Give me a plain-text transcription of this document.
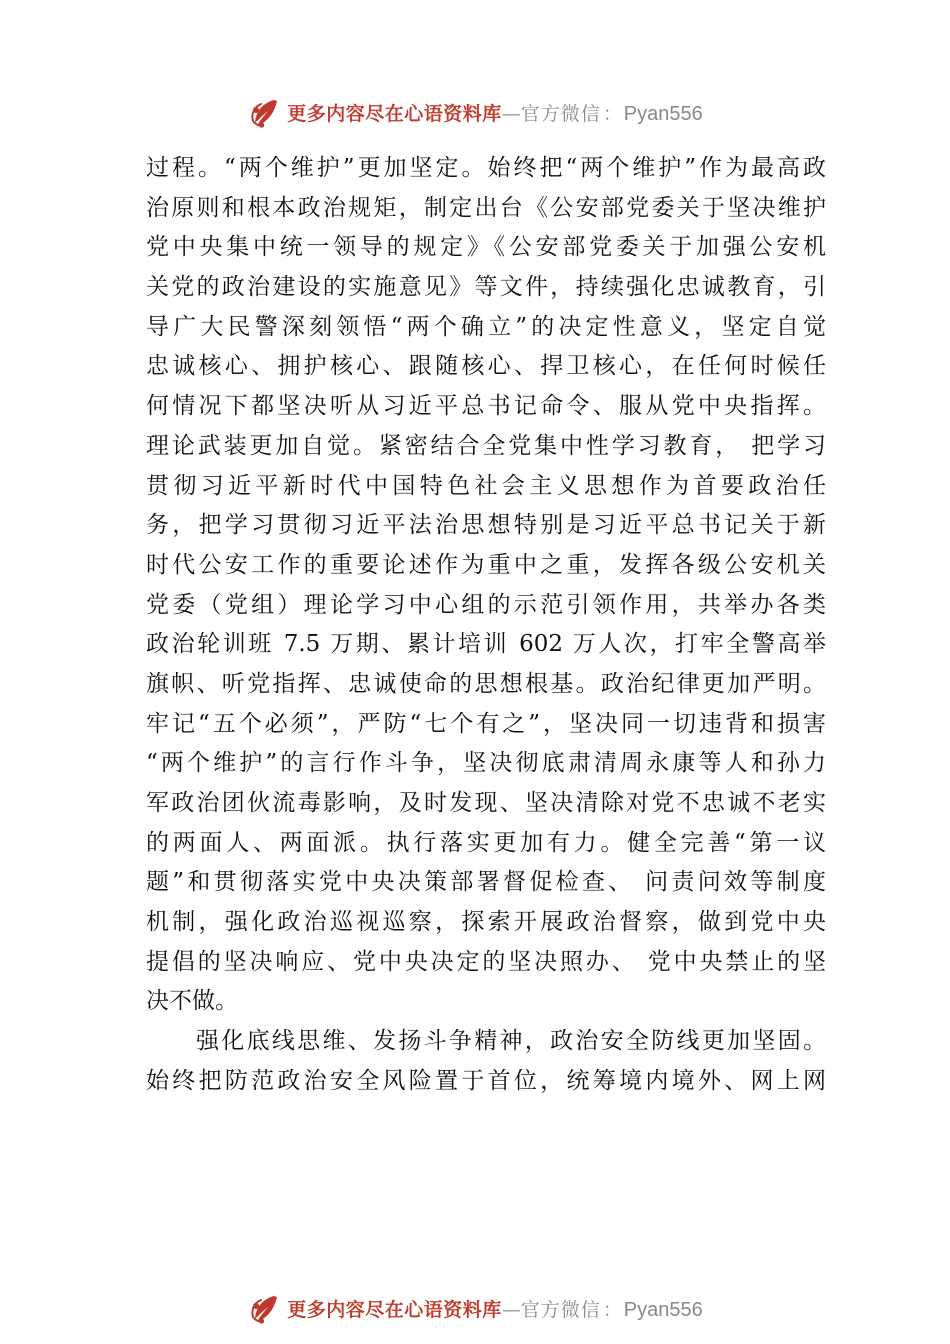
更多内容尽在心语资料库 — 官方微信 ： Pyan556
过程。“两个维护”更加坚定。始终把“两个维护”作为最高政
治原则和根本政治规矩，制定出台《公安部党委关于坚决维护
党中央集中统一领导的规定》《公安部党委关于加强公安机
关党的政治建设的实施意见》等文件，持续强化忠诚教育，引
导广大民警深刻领悟“两个确立”的决定性意义，坚定自觉
忠诚核心、拥护核心、跟随核心、捍卫核心，在任何时候任
何情况下都坚决听从习近平总书记命令、服从党中央指挥。
理论武装更加自觉。紧密结合全党集中性学习教育， 把学习
贯彻习近平新时代中国特色社会主义思想作为首要政治任
务，把学习贯彻习近平法治思想特别是习近平总书记关于新
时代公安工作的重要论述作为重中之重，发挥各级公安机关
党委（党组）理论学习中心组的示范引领作用，共举办各类
政治轮训班 7.5 万期、累计培训 602 万人次，打牢全警高举
旗帜、听党指挥、忠诚使命的思想根基。政治纪律更加严明。
牢记“五个必须”，严防“七个有之”，坚决同一切违背和损害
“两个维护”的言行作斗争，坚决彻底肃清周永康等人和孙力
军政治团伙流毒影响，及时发现、坚决清除对党不忠诚不老实
的两面人、两面派。执行落实更加有力。健全完善“第一议
题”和贯彻落实党中央决策部署督促检查、 问责问效等制度
机制，强化政治巡视巡察，探索开展政治督察，做到党中央
提倡的坚决响应、党中央决定的坚决照办、 党中央禁止的坚
决不做。
强化底线思维、发扬斗争精神，政治安全防线更加坚固。
始终把防范政治安全风险置于首位，统筹境内境外、网上网
更多内容尽在心语资料库 — 官方微信 ： Pyan556
